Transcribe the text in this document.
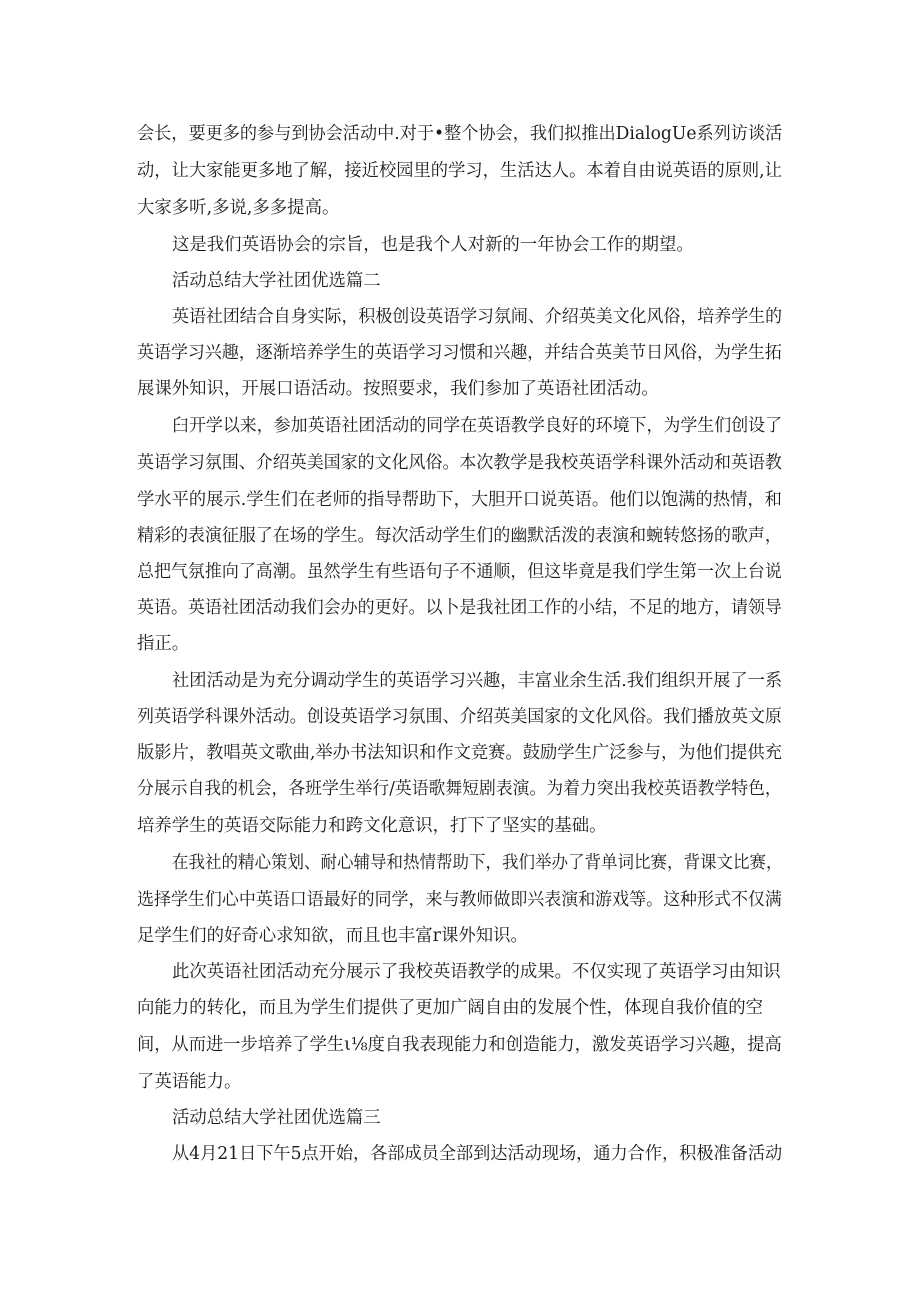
会长，要更多的参与到协会活动中.对于•整个协会，我们拟推出DialogUe系列访谈活

动，让大家能更多地了解，接近校园里的学习，生活达人。本着自由说英语的原则,让

大家多听,多说,多多提高。

这是我们英语协会的宗旨，也是我个人对新的一年协会工作的期望。

活动总结大学社团优选篇二

英语社团结合自身实际，积极创设英语学习氛闹、介绍英美文化风俗，培养学生的

英语学习兴趣，逐渐培养学生的英语学习习惯和兴趣，并结合英美节日风俗，为学生拓

展课外知识，开展口语活动。按照要求，我们参加了英语社团活动。

臼开学以来，参加英语社团活动的同学在英语教学良好的环境下，为学生们创设了

英语学习氛围、介绍英美国家的文化风俗。本次教学是我校英语学科课外活动和英语教

学水平的展示.学生们在老师的指导帮助下，大胆开口说英语。他们以饱满的热情，和

精彩的表演征服了在场的学生。每次活动学生们的幽默活泼的表演和蜿转悠扬的歌声，

总把气氛推向了高潮。虽然学生有些语句子不通顺，但这毕竟是我们学生第一次上台说

英语。英语社团活动我们会办的更好。以卜是我社团工作的小结，不足的地方，请领导

指正。

社团活动是为充分调动学生的英语学习兴趣，丰富业余生活.我们组织开展了一系

列英语学科课外活动。创设英语学习氛围、介绍英美国家的文化风俗。我们播放英文原

版影片，教唱英文歌曲,举办书法知识和作文竞赛。鼓励学生广泛参与，为他们提供充

分展示自我的机会，各班学生举行/英语歌舞短剧表演。为着力突出我校英语教学特色，

培养学生的英语交际能力和跨文化意识，打下了坚实的基础。

在我社的精心策划、耐心辅导和热情帮助下，我们举办了背单词比赛，背课文比赛，

选择学生们心中英语口语最好的同学，来与教师做即兴表演和游戏等。这种形式不仅满

足学生们的好奇心求知欲，而且也丰富r课外知识。

此次英语社团活动充分展示了我校英语教学的成果。不仅实现了英语学习由知识

向能力的转化，而且为学生们提供了更加广阔自由的发展个性，体现自我价值的空

间，从而进一步培养了学生ι⅛度自我表现能力和创造能力，激发英语学习兴趣，提高

了英语能力。

活动总结大学社团优选篇三

从4月21日下午5点开始，各部成员全部到达活动现场，通力合作，积极准备活动
